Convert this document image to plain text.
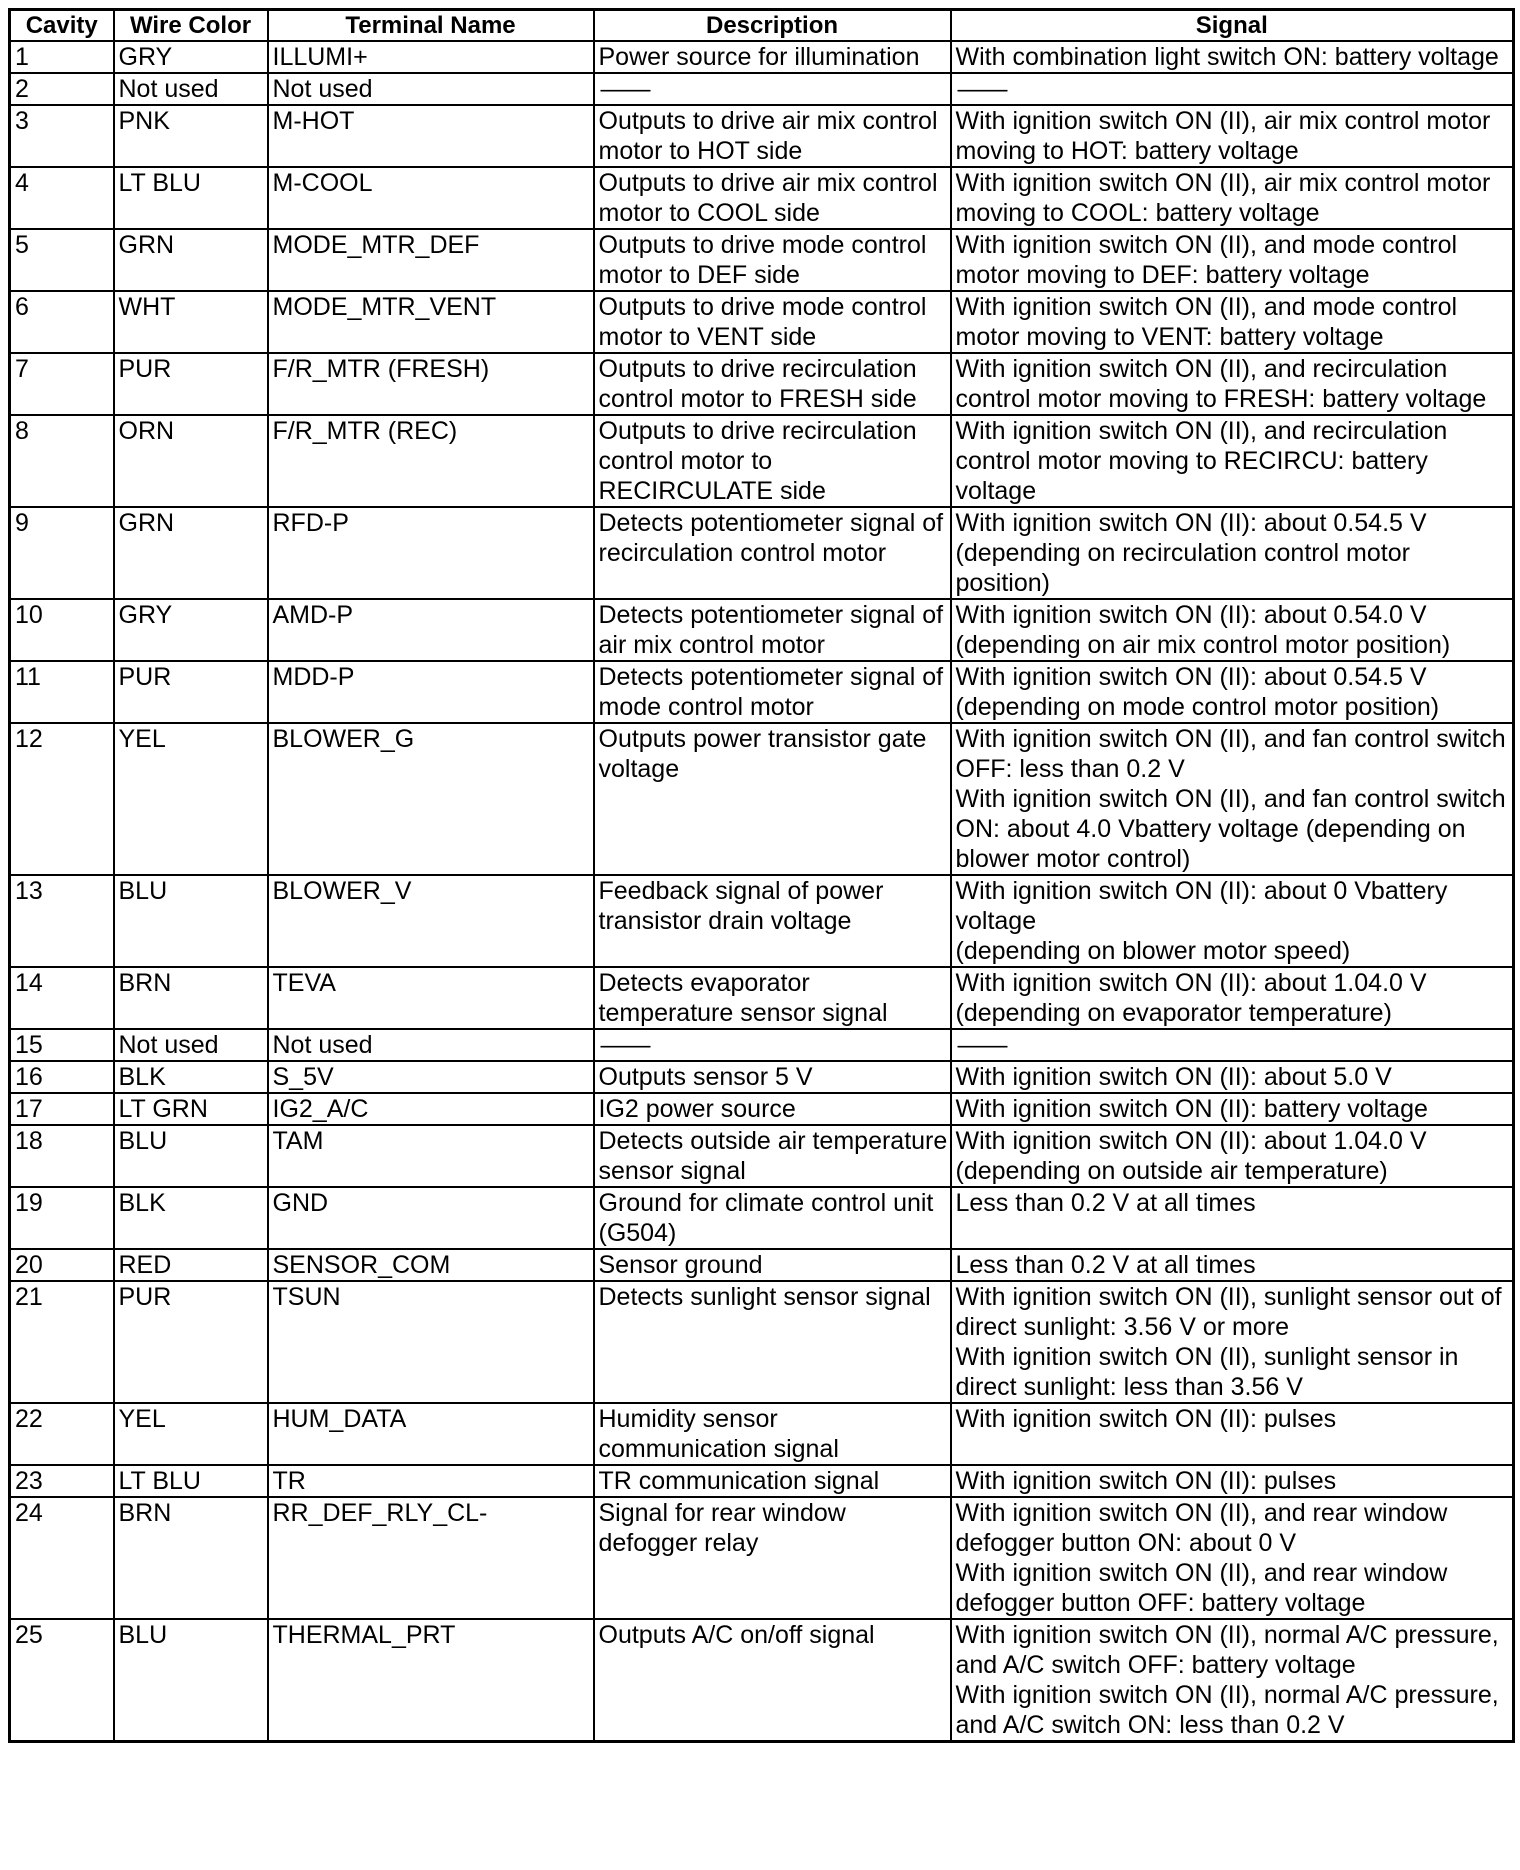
Cavity	Wire Color	Terminal Name	Description	Signal
1	GRY	ILLUMI+	Power source for illumination	With combination light switch ON: battery voltage

2	Not used	Not used	——	——

3	PNK	M-HOT	Outputs to drive air mix control
motor to HOT side	With ignition switch ON (II), air mix control motor
moving to HOT: battery voltage

4	LT BLU	M-COOL	Outputs to drive air mix control
motor to COOL side	With ignition switch ON (II), air mix control motor
moving to COOL: battery voltage

5	GRN	MODE_MTR_DEF	Outputs to drive mode control
motor to DEF side	With ignition switch ON (II), and mode control
motor moving to DEF: battery voltage

6	WHT	MODE_MTR_VENT	Outputs to drive mode control
motor to VENT side	With ignition switch ON (II), and mode control
motor moving to VENT: battery voltage

7	PUR	F/R_MTR (FRESH)	Outputs to drive recirculation
control motor to FRESH side	With ignition switch ON (II), and recirculation
control motor moving to FRESH: battery voltage

8	ORN	F/R_MTR (REC)	Outputs to drive recirculation
control motor to
RECIRCULATE side	With ignition switch ON (II), and recirculation
control motor moving to RECIRCU: battery
voltage

9	GRN	RFD-P	Detects potentiometer signal of
recirculation control motor	With ignition switch ON (II): about 0.54.5 V
(depending on recirculation control motor
position)

10	GRY	AMD-P	Detects potentiometer signal of
air mix control motor	With ignition switch ON (II): about 0.54.0 V
(depending on air mix control motor position)

11	PUR	MDD-P	Detects potentiometer signal of
mode control motor	With ignition switch ON (II): about 0.54.5 V
(depending on mode control motor position)

12	YEL	BLOWER_G	Outputs power transistor gate
voltage	With ignition switch ON (II), and fan control switch
OFF: less than 0.2 V
With ignition switch ON (II), and fan control switch
ON: about 4.0 Vbattery voltage (depending on
blower motor control)

13	BLU	BLOWER_V	Feedback signal of power
transistor drain voltage	With ignition switch ON (II): about 0 Vbattery
voltage
(depending on blower motor speed)

14	BRN	TEVA	Detects evaporator
temperature sensor signal	With ignition switch ON (II): about 1.04.0 V
(depending on evaporator temperature)

15	Not used	Not used	——	——

16	BLK	S_5V	Outputs sensor 5 V	With ignition switch ON (II): about 5.0 V

17	LT GRN	IG2_A/C	IG2 power source	With ignition switch ON (II): battery voltage

18	BLU	TAM	Detects outside air temperature
sensor signal	With ignition switch ON (II): about 1.04.0 V
(depending on outside air temperature)

19	BLK	GND	Ground for climate control unit
(G504)	Less than 0.2 V at all times

20	RED	SENSOR_COM	Sensor ground	Less than 0.2 V at all times

21	PUR	TSUN	Detects sunlight sensor signal	With ignition switch ON (II), sunlight sensor out of
direct sunlight: 3.56 V or more
With ignition switch ON (II), sunlight sensor in
direct sunlight: less than 3.56 V

22	YEL	HUM_DATA	Humidity sensor
communication signal	With ignition switch ON (II): pulses

23	LT BLU	TR	TR communication signal	With ignition switch ON (II): pulses

24	BRN	RR_DEF_RLY_CL-	Signal for rear window
defogger relay	With ignition switch ON (II), and rear window
defogger button ON: about 0 V
With ignition switch ON (II), and rear window
defogger button OFF: battery voltage

25	BLU	THERMAL_PRT	Outputs A/C on/off signal	With ignition switch ON (II), normal A/C pressure,
and A/C switch OFF: battery voltage
With ignition switch ON (II), normal A/C pressure,
and A/C switch ON: less than 0.2 V
